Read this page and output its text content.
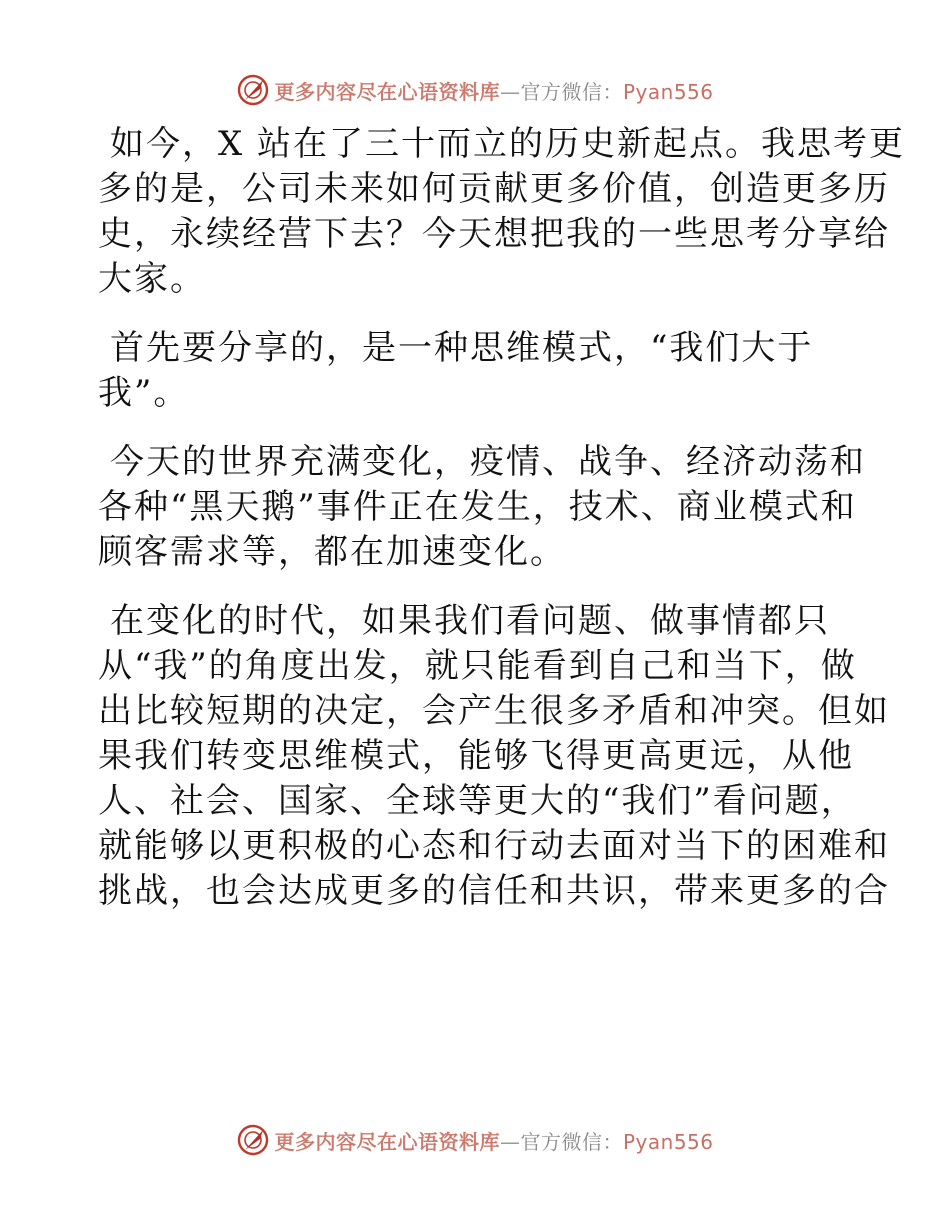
更多内容尽在心语资料库—官方微信：Pyan556

如今，X 站在了三十而立的历史新起点。我思考更
多的是，公司未来如何贡献更多价值，创造更多历
史，永续经营下去？今天想把我的一些思考分享给
大家。

首先要分享的，是一种思维模式，“我们大于
我”。

今天的世界充满变化，疫情、战争、经济动荡和
各种“黑天鹅”事件正在发生，技术、商业模式和
顾客需求等，都在加速变化。

在变化的时代，如果我们看问题、做事情都只
从“我”的角度出发，就只能看到自己和当下，做
出比较短期的决定，会产生很多矛盾和冲突。但如
果我们转变思维模式，能够飞得更高更远，从他
人、社会、国家、全球等更大的“我们”看问题，
就能够以更积极的心态和行动去面对当下的困难和
挑战，也会达成更多的信任和共识，带来更多的合

更多内容尽在心语资料库—官方微信：Pyan556
